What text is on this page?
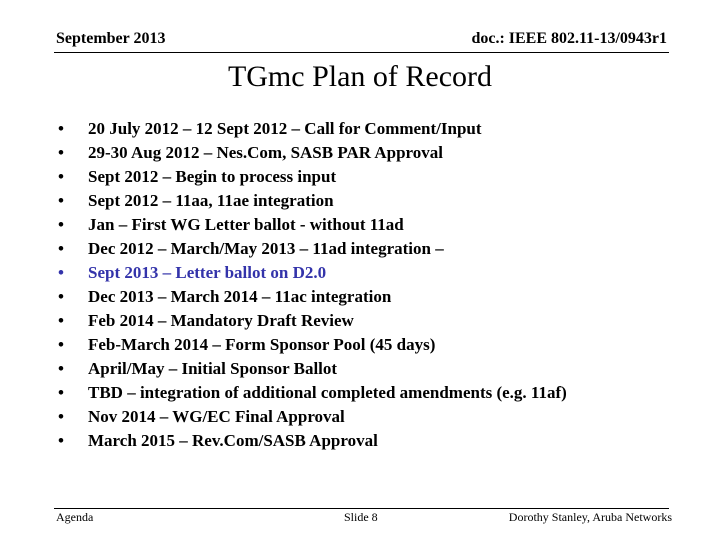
September 2013	doc.: IEEE 802.11-13/0943r1
TGmc Plan of Record
•	20 July 2012 – 12 Sept 2012 – Call for Comment/Input
•	29-30 Aug 2012 – Nes.Com, SASB PAR Approval
•	Sept 2012 – Begin to process input
•	Sept 2012 – 11aa, 11ae integration
•	Jan – First WG Letter ballot - without 11ad
•	Dec 2012 – March/May 2013 – 11ad integration –
•	Sept 2013 – Letter ballot on D2.0
•	Dec 2013 – March 2014 – 11ac integration
•	Feb 2014 – Mandatory Draft Review
•	Feb-March 2014 – Form Sponsor Pool (45 days)
•	April/May – Initial Sponsor Ballot
•	TBD – integration of additional completed amendments (e.g. 11af)
•	Nov 2014 – WG/EC Final Approval
•	March 2015 – Rev.Com/SASB Approval
Agenda	Slide 8	Dorothy Stanley, Aruba Networks
